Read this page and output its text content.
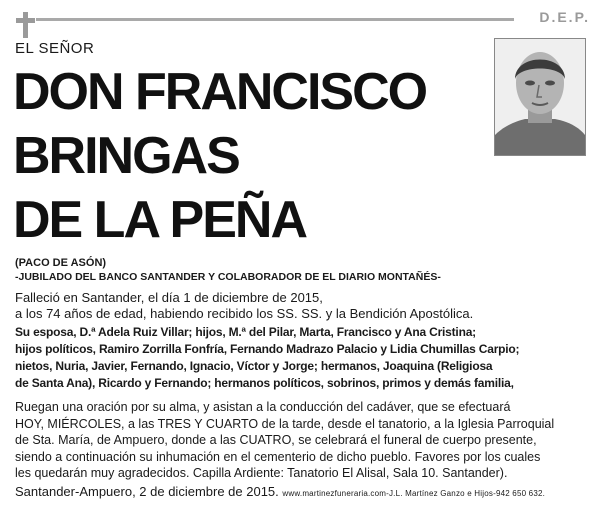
D.E.P.
EL SEÑOR
DON FRANCISCO
BRINGAS
DE LA PEÑA
(PACO DE ASÓN)
-JUBILADO DEL BANCO SANTANDER Y COLABORADOR DE EL DIARIO MONTAÑÉS-
Falleció en Santander, el día 1 de diciembre de 2015,
a los 74 años de edad, habiendo recibido los SS. SS. y la Bendición Apostólica.
Su esposa, D.ª Adela Ruiz Villar; hijos, M.ª del Pilar, Marta, Francisco y Ana Cristina;
hijos políticos, Ramiro Zorrilla Fonfría, Fernando Madrazo Palacio y Lidia Chumillas Carpio;
nietos, Nuria, Javier, Fernando, Ignacio, Víctor y Jorge; hermanos, Joaquina (Religiosa
de Santa Ana), Ricardo y Fernando; hermanos políticos, sobrinos, primos y demás familia,
Ruegan una oración por su alma, y asistan a la conducción del cadáver, que se efectuará
HOY, MIÉRCOLES, a las TRES Y CUARTO de la tarde, desde el tanatorio, a la Iglesia Parroquial
de Sta. María, de Ampuero, donde a las CUATRO, se celebrará el funeral de cuerpo presente,
siendo a continuación su inhumación en el cementerio de dicho pueblo. Favores por los cuales
les quedarán muy agradecidos. Capilla Ardiente: Tanatorio El Alisal, Sala 10. Santander).
Santander-Ampuero, 2 de diciembre de 2015. www.martinezfuneraria.com-J.L. Martínez Ganzo e Hijos-942 650 632.
